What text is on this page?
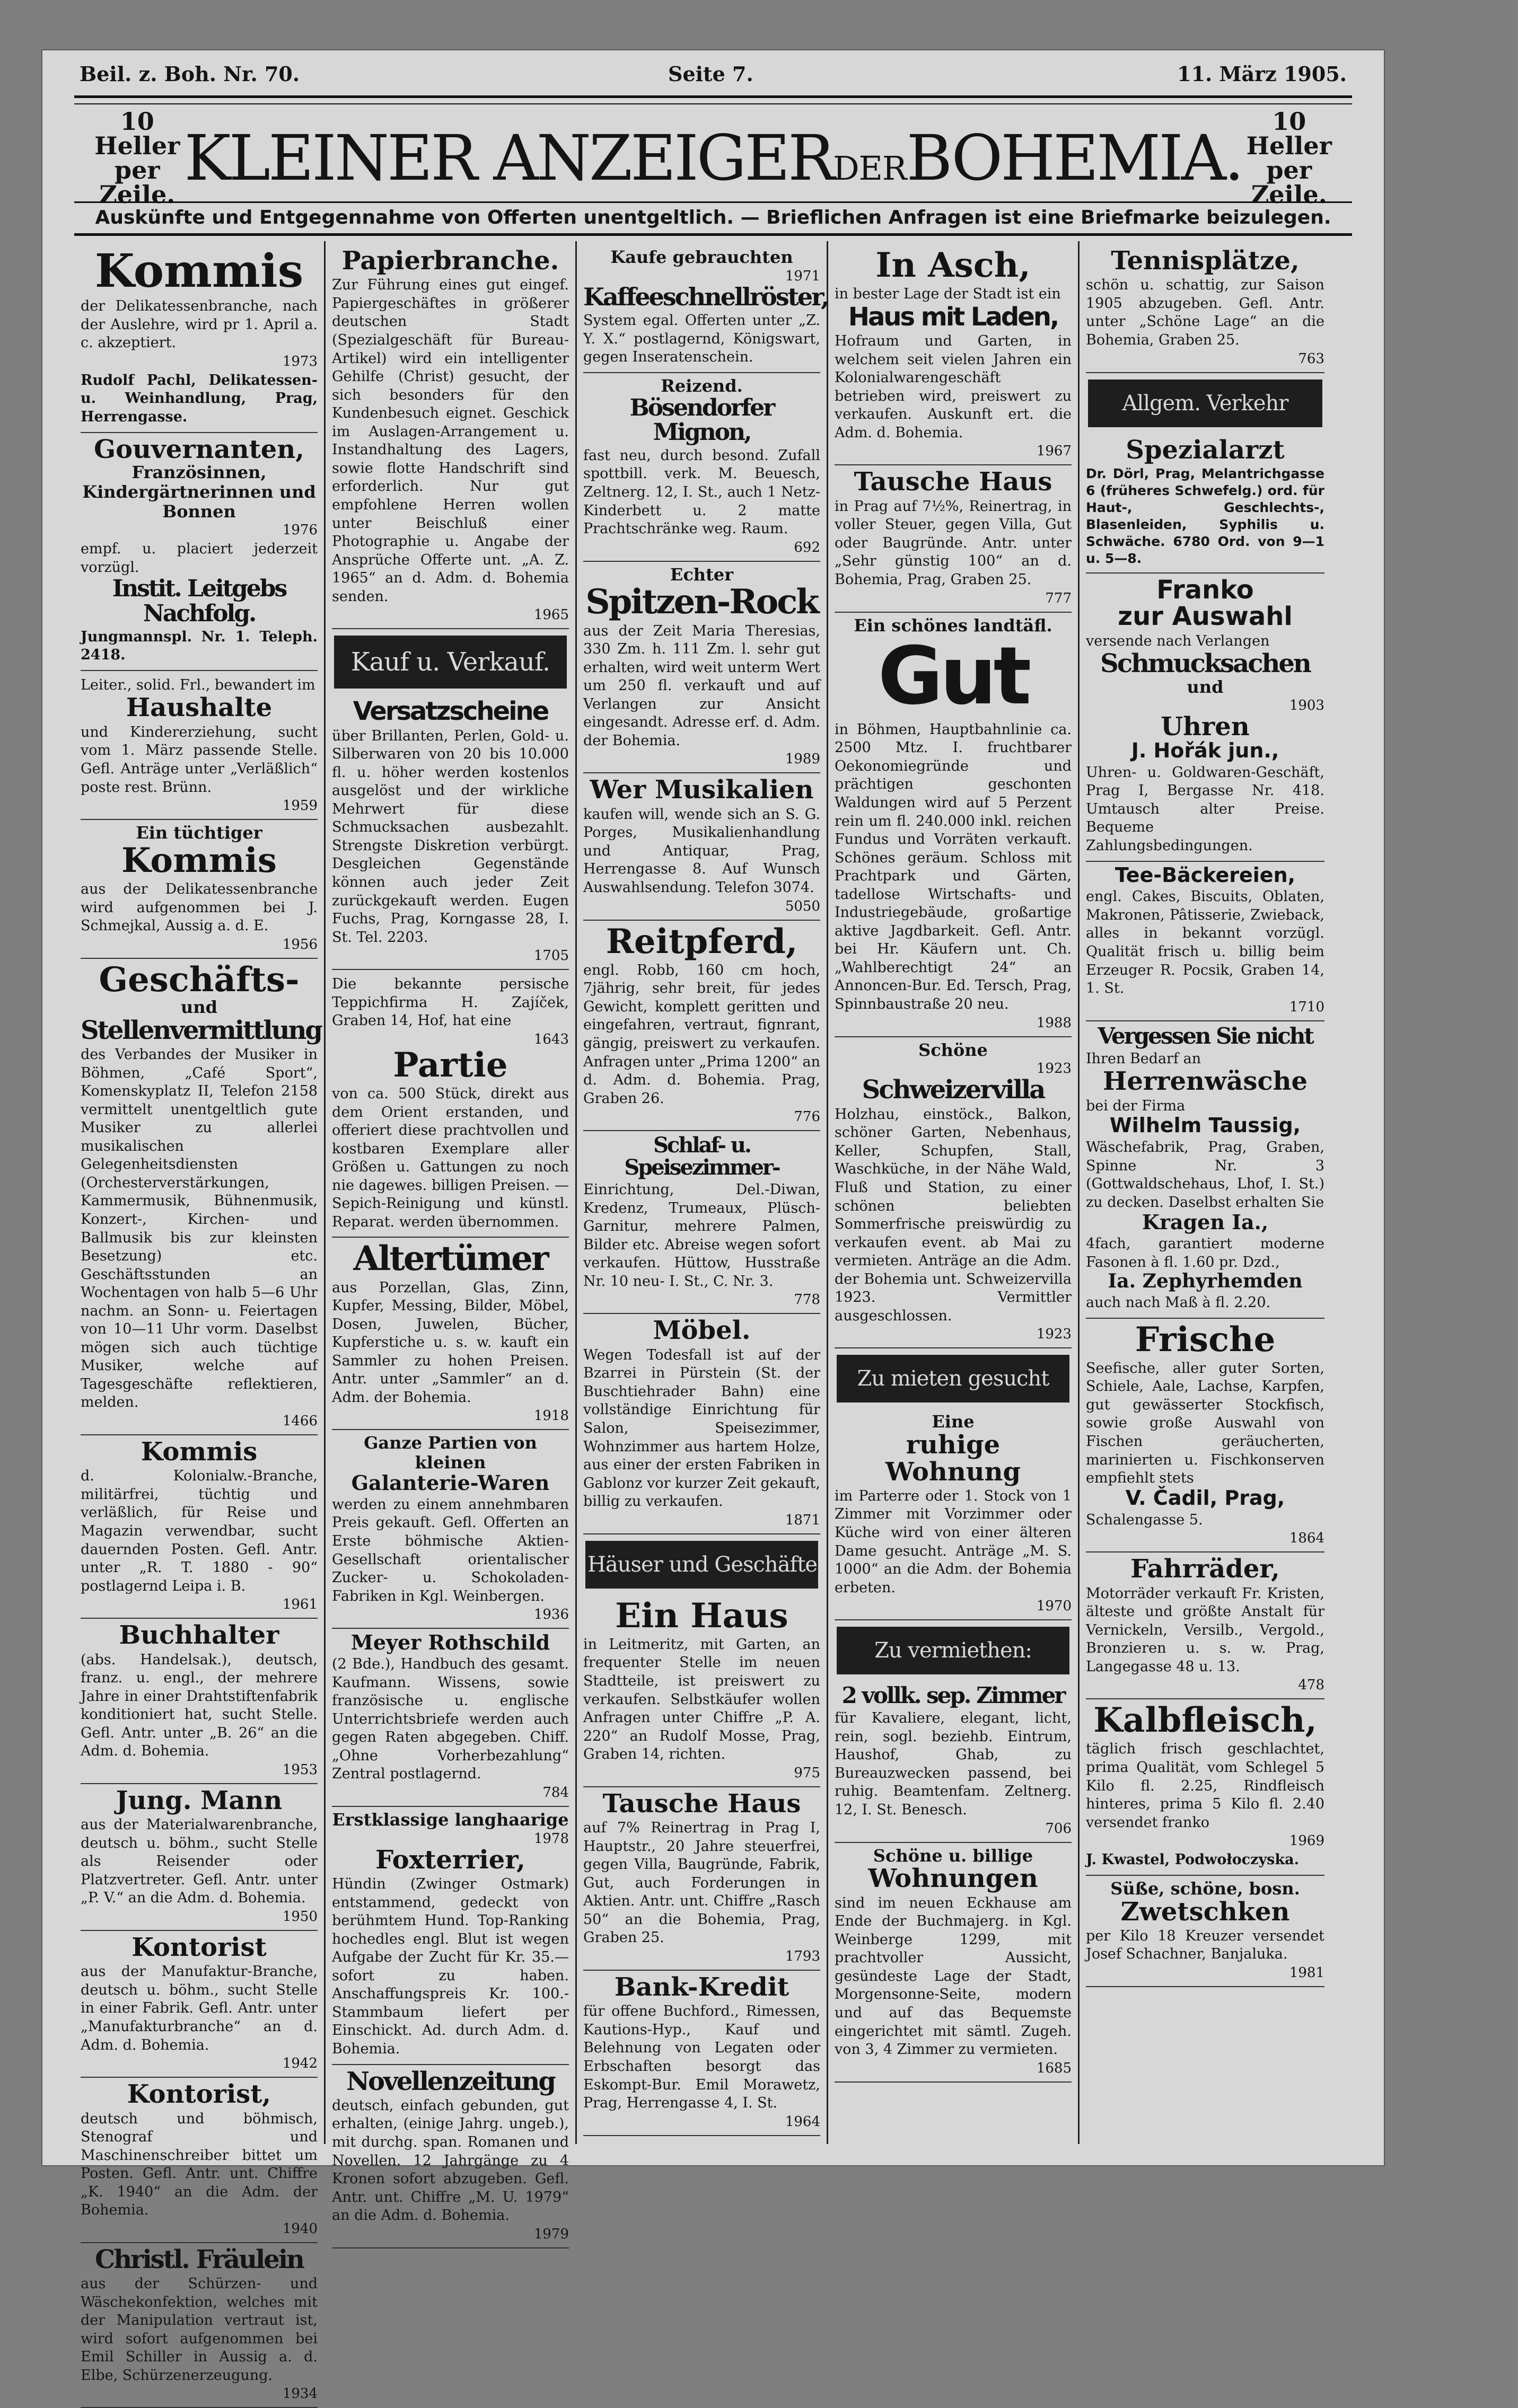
Beil. z. Boh. Nr. 70.	Seite 7.	11. März 1905.
10 Heller
per Zeile. KLEINER ANZEIGERDERBOHEMIA.	10 Heller
per Zeile.
Auskünfte und Entgegennahme von Offerten unentgeltlich. — Brieflichen Anfragen ist eine Briefmarke beizulegen.
Kommis

der Delikatessenbranche, nach der Auslehre, wird pr 1. April a. c. akzeptiert.

1973

Rudolf Pachl, Delikatessen- u. Weinhandlung, Prag, Herrengasse.

Gouvernanten,
Französinnen, Kindergärtnerinnen und Bonnen
1976

empf. u. placiert jederzeit vorzügl.

Instit. Leitgebs Nachfolg.

Jungmannspl. Nr. 1. Teleph. 2418.

Leiter., solid. Frl., bewandert im

Haushalte

und Kindererziehung, sucht vom 1. März passende Stelle. Gefl. Anträge unter „Verläßlich“ poste rest. Brünn.

1959
Ein tüchtiger
Kommis

aus der Delikatessenbranche wird aufgenommen bei J. Schmejkal, Aussig a. d. E.

1956
Geschäfts-
und
Stellenvermittlung

des Verbandes der Musiker in Böhmen, „Café Sport“, Komenskyplatz II, Telefon 2158 vermittelt unentgeltlich gute Musiker zu allerlei musikalischen Gelegenheitsdiensten (Orchesterverstärkungen, Kammermusik, Bühnenmusik, Konzert-, Kirchen- und Ballmusik bis zur kleinsten Besetzung) etc. Geschäftsstunden an Wochentagen von halb 5—6 Uhr nachm. an Sonn- u. Feiertagen von 10—11 Uhr vorm. Daselbst mögen sich auch tüchtige Musiker, welche auf Tagesgeschäfte reflektieren, melden.

1466
Kommis

d. Kolonialw.-Branche, militärfrei, tüchtig und verläßlich, für Reise und Magazin verwendbar, sucht dauernden Posten. Gefl. Antr. unter „R. T. 1880 - 90“ postlagernd Leipa i. B.

1961
Buchhalter

(abs. Handelsak.), deutsch, franz. u. engl., der mehrere Jahre in einer Drahtstiftenfabrik konditioniert hat, sucht Stelle. Gefl. Antr. unter „B. 26“ an die Adm. d. Bohemia.

1953
Jung. Mann

aus der Materialwarenbranche, deutsch u. böhm., sucht Stelle als Reisender oder Platzvertreter. Gefl. Antr. unter „P. V.“ an die Adm. d. Bohemia.

1950
Kontorist

aus der Manufaktur-Branche, deutsch u. böhm., sucht Stelle in einer Fabrik. Gefl. Antr. unter „Manufakturbranche“ an d. Adm. d. Bohemia.

1942
Kontorist,

deutsch und böhmisch, Stenograf und Maschinenschreiber bittet um Posten. Gefl. Antr. unt. Chiffre „K. 1940“ an die Adm. der Bohemia.

1940
Christl. Fräulein

aus der Schürzen- und Wäschekonfektion, welches mit der Manipulation vertraut ist, wird sofort aufgenommen bei Emil Schiller in Aussig a. d. Elbe, Schürzenerzeugung.

1934
Papierbranche.

Zur Führung eines gut eingef. Papiergeschäftes in größerer deutschen Stadt (Spezialgeschäft für Bureau-Artikel) wird ein intelligenter Gehilfe (Christ) gesucht, der sich besonders für den Kundenbesuch eignet. Geschick im Auslagen-Arrangement u. Instandhaltung des Lagers, sowie flotte Handschrift sind erforderlich. Nur gut empfohlene Herren wollen unter Beischluß einer Photographie u. Angabe der Ansprüche Offerte unt. „A. Z. 1965“ an d. Adm. d. Bohemia senden.

1965
Kauf u. Verkauf.
Versatzscheine

über Brillanten, Perlen, Gold- u. Silberwaren von 20 bis 10.000 fl. u. höher werden kostenlos ausgelöst und der wirkliche Mehrwert für diese Schmucksachen ausbezahlt. Strengste Diskretion verbürgt. Desgleichen Gegenstände können auch jeder Zeit zurückgekauft werden. Eugen Fuchs, Prag, Korngasse 28, I. St. Tel. 2203.

1705

Die bekannte persische Teppichfirma H. Zajíček, Graben 14, Hof, hat eine

1643
Partie

von ca. 500 Stück, direkt aus dem Orient erstanden, und offeriert diese prachtvollen und kostbaren Exemplare aller Größen u. Gattungen zu noch nie dagewes. billigen Preisen. — Sepich-Reinigung und künstl. Reparat. werden übernommen.

Altertümer

aus Porzellan, Glas, Zinn, Kupfer, Messing, Bilder, Möbel, Dosen, Juwelen, Bücher, Kupferstiche u. s. w. kauft ein Sammler zu hohen Preisen. Antr. unter „Sammler“ an d. Adm. der Bohemia.

1918
Ganze Partien von kleinen
Galanterie-Waren

werden zu einem annehmbaren Preis gekauft. Gefl. Offerten an Erste böhmische Aktien-Gesellschaft orientalischer Zucker- u. Schokoladen-Fabriken in Kgl. Weinbergen.

1936
Meyer Rothschild

(2 Bde.), Handbuch des gesamt. Kaufmann. Wissens, sowie französische u. englische Unterrichtsbriefe werden auch gegen Raten abgegeben. Chiff. „Ohne Vorherbezahlung“ Zentral postlagernd.

784
Erstklassige langhaarige
1978
Foxterrier,

Hündin (Zwinger Ostmark) entstammend, gedeckt von berühmtem Hund. Top-Ranking hochedles engl. Blut ist wegen Aufgabe der Zucht für Kr. 35.— sofort zu haben. Anschaffungspreis Kr. 100.- Stammbaum liefert per Einschickt. Ad. durch Adm. d. Bohemia.

Novellenzeitung

deutsch, einfach gebunden, gut erhalten, (einige Jahrg. ungeb.), mit durchg. span. Romanen und Novellen. 12 Jahrgänge zu 4 Kronen sofort abzugeben. Gefl. Antr. unt. Chiffre „M. U. 1979“ an die Adm. d. Bohemia.

1979
Kaufe gebrauchten
1971
Kaffeeschnellröster,

System egal. Offerten unter „Z. Y. X.“ postlagernd, Königswart, gegen Inseratenschein.

Reizend.
Bösendorfer Mignon,

fast neu, durch besond. Zufall spottbill. verk. M. Beuesch, Zeltnerg. 12, I. St., auch 1 Netz-Kinderbett u. 2 matte Prachtschränke weg. Raum.

692
Echter
Spitzen-Rock

aus der Zeit Maria Theresias, 330 Zm. h. 111 Zm. l. sehr gut erhalten, wird weit unterm Wert um 250 fl. verkauft und auf Verlangen zur Ansicht eingesandt. Adresse erf. d. Adm. der Bohemia.

1989
Wer Musikalien

kaufen will, wende sich an S. G. Porges, Musikalienhandlung und Antiquar, Prag, Herrengasse 8. Auf Wunsch Auswahlsendung. Telefon 3074.

5050
Reitpferd,

engl. Robb, 160 cm hoch, 7jährig, sehr breit, für jedes Gewicht, komplett geritten und eingefahren, vertraut, fignrant, gängig, preiswert zu verkaufen. Anfragen unter „Prima 1200“ an d. Adm. d. Bohemia. Prag, Graben 26.

776
Schlaf- u. Speisezimmer-

Einrichtung, Del.-Diwan, Kredenz, Trumeaux, Plüsch-Garnitur, mehrere Palmen, Bilder etc. Abreise wegen sofort verkaufen. Hüttow, Husstraße Nr. 10 neu- I. St., C. Nr. 3.

778
Möbel.

Wegen Todesfall ist auf der Bzarrei in Pürstein (St. der Buschtiehrader Bahn) eine vollständige Einrichtung für Salon, Speisezimmer, Wohnzimmer aus hartem Holze, aus einer der ersten Fabriken in Gablonz vor kurzer Zeit gekauft, billig zu verkaufen.

1871
Häuser und Geschäfte
Ein Haus

in Leitmeritz, mit Garten, an frequenter Stelle im neuen Stadtteile, ist preiswert zu verkaufen. Selbstkäufer wollen Anfragen unter Chiffre „P. A. 220“ an Rudolf Mosse, Prag, Graben 14, richten.

975
Tausche Haus

auf 7% Reinertrag in Prag I, Hauptstr., 20 Jahre steuerfrei, gegen Villa, Baugründe, Fabrik, Gut, auch Forderungen in Aktien. Antr. unt. Chiffre „Rasch 50“ an die Bohemia, Prag, Graben 25.

1793
Bank-Kredit

für offene Buchford., Rimessen, Kautions-Hyp., Kauf und Belehnung von Legaten oder Erbschaften besorgt das Eskompt-Bur. Emil Morawetz, Prag, Herrengasse 4, I. St.

1964
In Asch,

in bester Lage der Stadt ist ein

Haus mit Laden,

Hofraum und Garten, in welchem seit vielen Jahren ein Kolonialwarengeschäft betrieben wird, preiswert zu verkaufen. Auskunft ert. die Adm. d. Bohemia.

1967
Tausche Haus

in Prag auf 7½%, Reinertrag, in voller Steuer, gegen Villa, Gut oder Baugründe. Antr. unter „Sehr günstig 100“ an d. Bohemia, Prag, Graben 25.

777
Ein schönes landtäfl.
Gut

in Böhmen, Hauptbahnlinie ca. 2500 Mtz. I. fruchtbarer Oekonomiegründe und prächtigen geschonten Waldungen wird auf 5 Perzent rein um fl. 240.000 inkl. reichen Fundus und Vorräten verkauft. Schönes geräum. Schloss mit Prachtpark und Gärten, tadellose Wirtschafts- und Industriegebäude, großartige aktive Jagdbarkeit. Gefl. Antr. bei Hr. Käufern unt. Ch. „Wahlberechtigt 24“ an Annoncen-Bur. Ed. Tersch, Prag, Spinnbaustraße 20 neu.

1988
Schöne
1923
Schweizervilla

Holzhau, einstöck., Balkon, schöner Garten, Nebenhaus, Keller, Schupfen, Stall, Waschküche, in der Nähe Wald, Fluß und Station, zu einer schönen beliebten Sommerfrische preiswürdig zu verkaufen event. ab Mai zu vermieten. Anträge an die Adm. der Bohemia unt. Schweizervilla 1923. Vermittler ausgeschlossen.

1923
Zu mieten gesucht
Eine
ruhige Wohnung

im Parterre oder 1. Stock von 1 Zimmer mit Vorzimmer oder Küche wird von einer älteren Dame gesucht. Anträge „M. S. 1000“ an die Adm. der Bohemia erbeten.

1970
Zu vermiethen:
2 vollk. sep. Zimmer

für Kavaliere, elegant, licht, rein, sogl. beziehb. Eintrum, Haushof, Ghab, zu Bureauzwecken passend, bei ruhig. Beamtenfam. Zeltnerg. 12, I. St. Benesch.

706
Schöne u. billige
Wohnungen

sind im neuen Eckhause am Ende der Buchmajerg. in Kgl. Weinberge 1299, mit prachtvoller Aussicht, gesündeste Lage der Stadt, Morgensonne-Seite, modern und auf das Bequemste eingerichtet mit sämtl. Zugeh. von 3, 4 Zimmer zu vermieten.

1685
Tennisplätze,

schön u. schattig, zur Saison 1905 abzugeben. Gefl. Antr. unter „Schöne Lage“ an die Bohemia, Graben 25.

763
Allgem. Verkehr
Spezialarzt

Dr. Dörl, Prag, Melantrichgasse 6 (früheres Schwefelg.) ord. für Haut-, Geschlechts-, Blasenleiden, Syphilis u. Schwäche. 6780 Ord. von 9—1 u. 5—8.

Franko
zur Auswahl

versende nach Verlangen

Schmucksachen
und
1903
Uhren
J. Hořák jun.,

Uhren- u. Goldwaren-Geschäft, Prag I, Bergasse Nr. 418. Umtausch alter Preise. Bequeme Zahlungsbedingungen.

Tee-Bäckereien,

engl. Cakes, Biscuits, Oblaten, Makronen, Pâtisserie, Zwieback, alles in bekannt vorzügl. Qualität frisch u. billig beim Erzeuger R. Pocsik, Graben 14, 1. St.

1710
Vergessen Sie nicht

Ihren Bedarf an

Herrenwäsche

bei der Firma

Wilhelm Taussig,

Wäschefabrik, Prag, Graben, Spinne Nr. 3 (Gottwaldschehaus, Lhof, I. St.) zu decken. Daselbst erhalten Sie

Kragen Ia.,

4fach, garantiert moderne Fasonen à fl. 1.60 pr. Dzd.,

Ia. Zephyrhemden

auch nach Maß à fl. 2.20.

Frische

Seefische, aller guter Sorten, Schiele, Aale, Lachse, Karpfen, gut gewässerter Stockfisch, sowie große Auswahl von Fischen geräucherten, marinierten u. Fischkonserven empfiehlt stets

V. Čadil, Prag,

Schalengasse 5.

1864
Fahrräder,

Motorräder verkauft Fr. Kristen, älteste und größte Anstalt für Vernickeln, Versilb., Vergold., Bronzieren u. s. w. Prag, Langegasse 48 u. 13.

478
Kalbfleisch,

täglich frisch geschlachtet, prima Qualität, vom Schlegel 5 Kilo fl. 2.25, Rindfleisch hinteres, prima 5 Kilo fl. 2.40 versendet franko

1969

J. Kwastel, Podwołoczyska.

Süße, schöne, bosn.
Zwetschken

per Kilo 18 Kreuzer versendet Josef Schachner, Banjaluka.

1981
